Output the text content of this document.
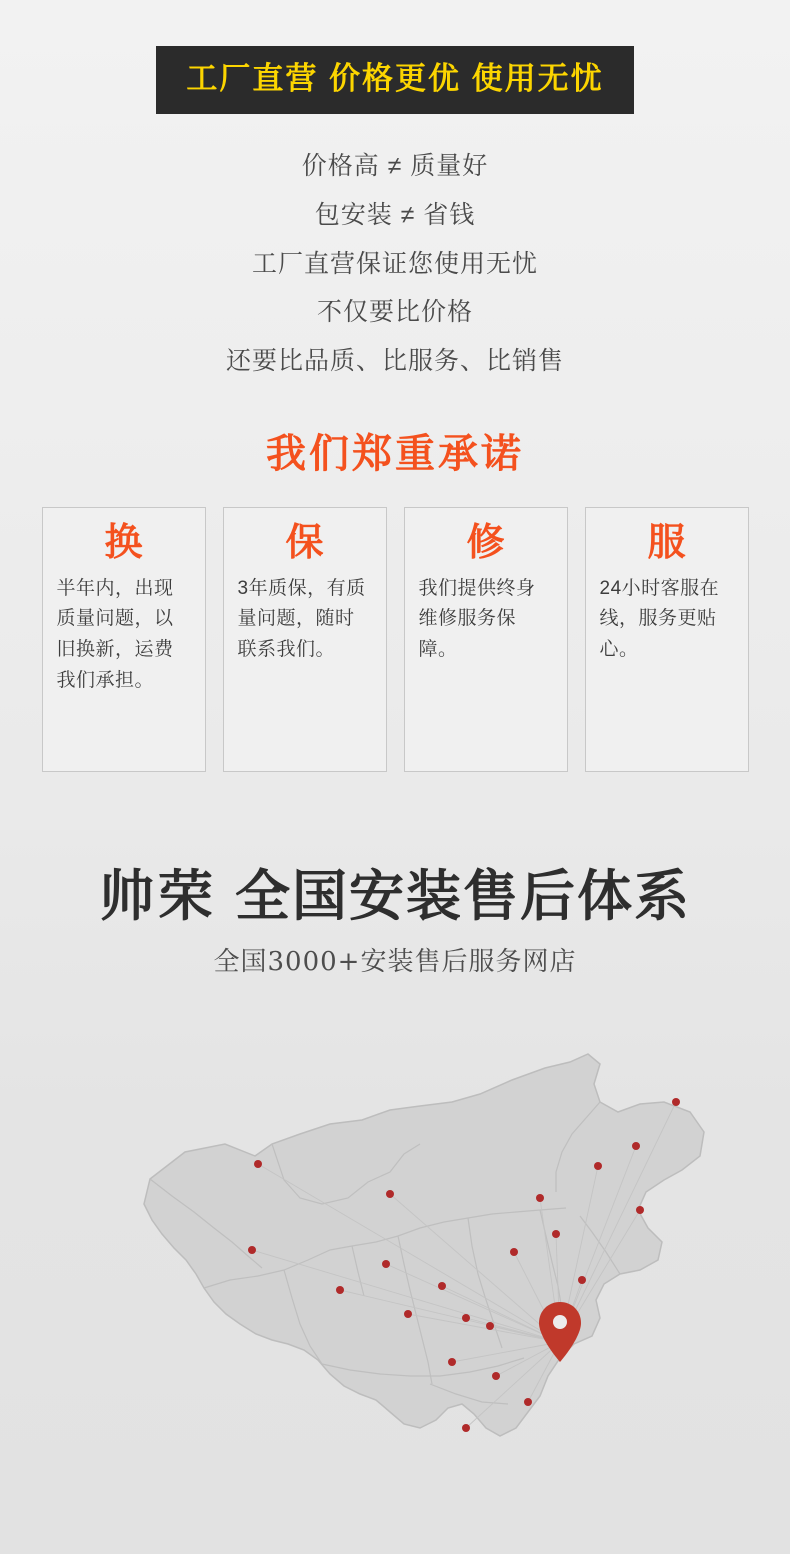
工厂直营 价格更优 使用无忧
价格高 ≠ 质量好
包安装 ≠ 省钱
工厂直营保证您使用无忧
不仅要比价格
还要比品质、比服务、比销售
我们郑重承诺
换
半年内，出现质量问题，以旧换新，运费我们承担。
保
3年质保，有质量问题，随时联系我们。
修
我们提供终身维修服务保障。
服
24小时客服在线，服务更贴心。
帅荣 全国安装售后体系
全国3000+安装售后服务网店
